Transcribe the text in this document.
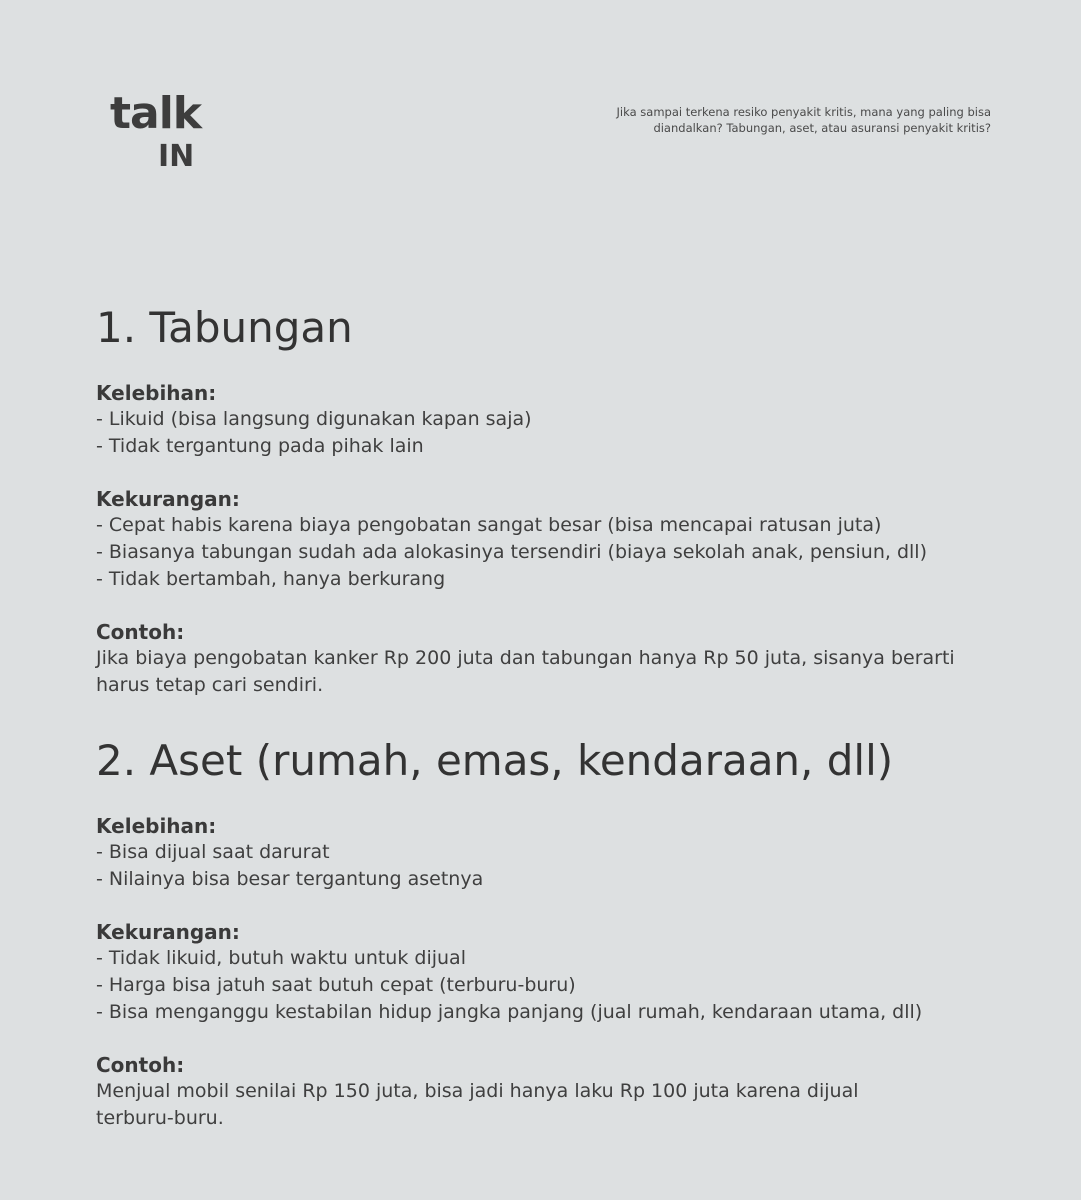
talk
IN
Jika sampai terkena resiko penyakit kritis, mana yang paling bisa
diandalkan? Tabungan, aset, atau asuransi penyakit kritis?
1. Tabungan
Kelebihan:
- Likuid (bisa langsung digunakan kapan saja)
- Tidak tergantung pada pihak lain
Kekurangan:
- Cepat habis karena biaya pengobatan sangat besar (bisa mencapai ratusan juta)
- Biasanya tabungan sudah ada alokasinya tersendiri (biaya sekolah anak, pensiun, dll)
- Tidak bertambah, hanya berkurang
Contoh:
Jika biaya pengobatan kanker Rp 200 juta dan tabungan hanya Rp 50 juta, sisanya berarti
harus tetap cari sendiri.
2. Aset (rumah, emas, kendaraan, dll)
Kelebihan:
- Bisa dijual saat darurat
- Nilainya bisa besar tergantung asetnya
Kekurangan:
- Tidak likuid, butuh waktu untuk dijual
- Harga bisa jatuh saat butuh cepat (terburu-buru)
- Bisa menganggu kestabilan hidup jangka panjang (jual rumah, kendaraan utama, dll)
Contoh:
Menjual mobil senilai Rp 150 juta, bisa jadi hanya laku Rp 100 juta karena dijual
terburu-buru.
